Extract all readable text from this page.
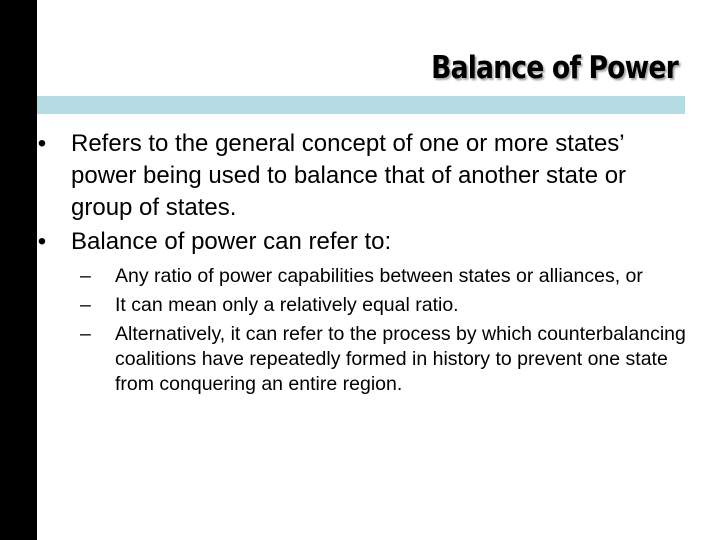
Balance of Power
•	Refers to the general concept of one or more states’ power being used to balance that of another state or group of states.
•	Balance of power can refer to:
– Any ratio of power capabilities between states or alliances, or
– It can mean only a relatively equal ratio.
– Alternatively, it can refer to the process by which counterbalancing coalitions have repeatedly formed in history to prevent one state from conquering an entire region.
